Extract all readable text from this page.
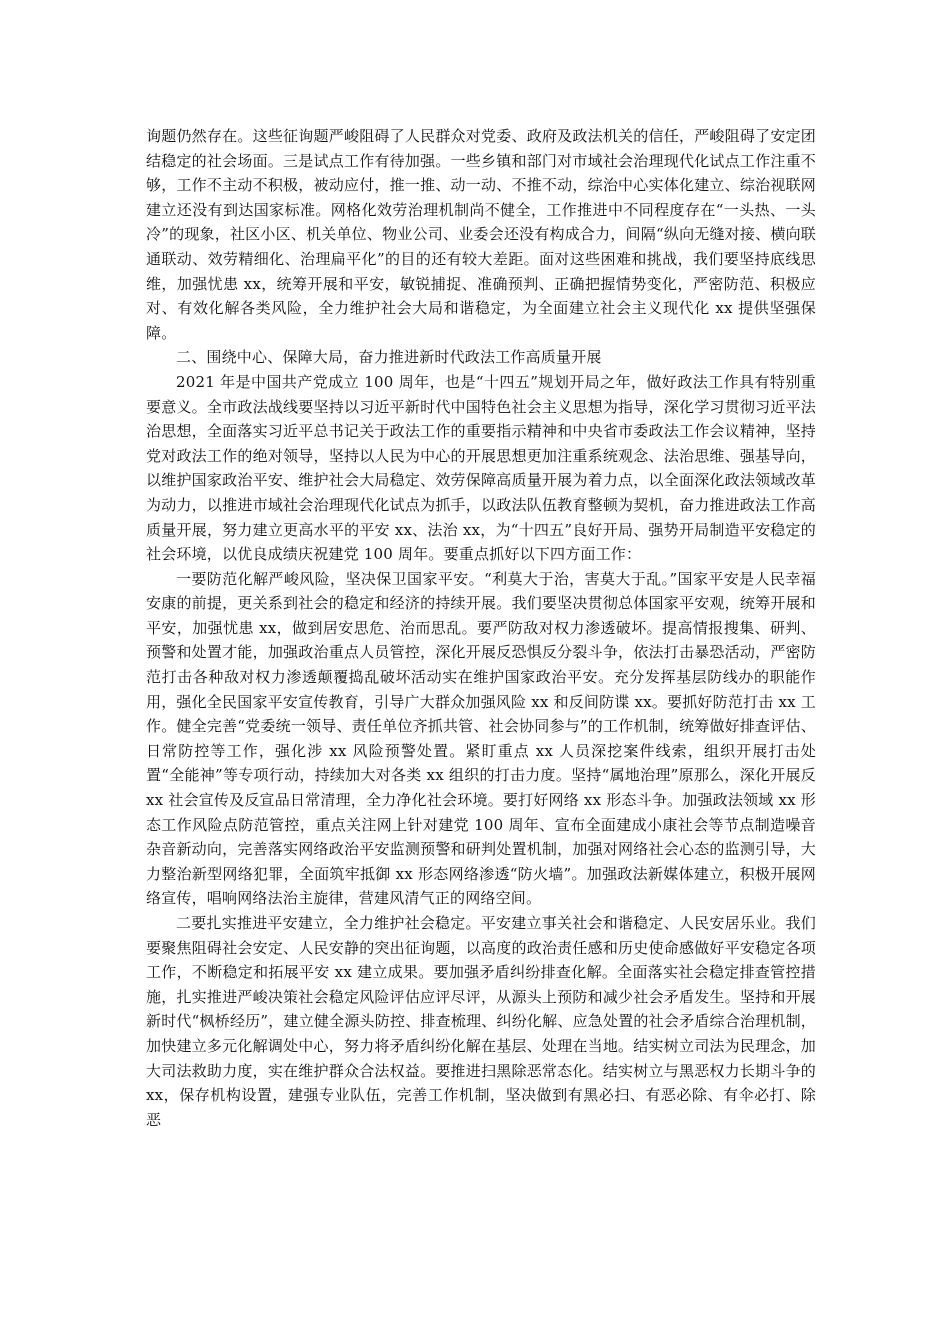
询题仍然存在。这些征询题严峻阻碍了人民群众对党委、政府及政法机关的信任，严峻阻碍了安定团结稳定的社会场面。三是试点工作有待加强。一些乡镇和部门对市域社会治理现代化试点工作注重不够，工作不主动不积极，被动应付，推一推、动一动、不推不动，综治中心实体化建立、综治视联网建立还没有到达国家标准。网格化效劳治理机制尚不健全，工作推进中不同程度存在“一头热、一头冷”的现象，社区小区、机关单位、物业公司、业委会还没有构成合力，间隔“纵向无缝对接、横向联通联动、效劳精细化、治理扁平化”的目的还有较大差距。面对这些困难和挑战，我们要坚持底线思维，加强忧患 xx，统筹开展和平安，敏锐捕捉、准确预判、正确把握情势变化，严密防范、积极应对、有效化解各类风险，全力维护社会大局和谐稳定，为全面建立社会主义现代化 xx 提供坚强保障。

二、围绕中心、保障大局，奋力推进新时代政法工作高质量开展

2021 年是中国共产党成立 100 周年，也是“十四五”规划开局之年，做好政法工作具有特别重要意义。全市政法战线要坚持以习近平新时代中国特色社会主义思想为指导，深化学习贯彻习近平法治思想，全面落实习近平总书记关于政法工作的重要指示精神和中央省市委政法工作会议精神，坚持党对政法工作的绝对领导，坚持以人民为中心的开展思想更加注重系统观念、法治思维、强基导向，以维护国家政治平安、维护社会大局稳定、效劳保障高质量开展为着力点，以全面深化政法领域改革为动力，以推进市域社会治理现代化试点为抓手，以政法队伍教育整顿为契机，奋力推进政法工作高质量开展，努力建立更高水平的平安 xx、法治 xx，为“十四五”良好开局、强势开局制造平安稳定的社会环境，以优良成绩庆祝建党 100 周年。要重点抓好以下四方面工作：

一要防范化解严峻风险，坚决保卫国家平安。“利莫大于治，害莫大于乱。”国家平安是人民幸福安康的前提，更关系到社会的稳定和经济的持续开展。我们要坚决贯彻总体国家平安观，统筹开展和平安，加强忧患 xx，做到居安思危、治而思乱。要严防敌对权力渗透破坏。提高情报搜集、研判、预警和处置才能，加强政治重点人员管控，深化开展反恐惧反分裂斗争，依法打击暴恐活动，严密防范打击各种敌对权力渗透颠覆捣乱破坏活动实在维护国家政治平安。充分发挥基层防线办的职能作用，强化全民国家平安宣传教育，引导广大群众加强风险 xx 和反间防谍 xx。要抓好防范打击 xx 工作。健全完善“党委统一领导、责任单位齐抓共管、社会协同参与”的工作机制，统筹做好排查评估、日常防控等工作，强化涉 xx 风险预警处置。紧盯重点 xx 人员深挖案件线索，组织开展打击处置“全能神”等专项行动，持续加大对各类 xx 组织的打击力度。坚持“属地治理”原那么，深化开展反 xx 社会宣传及反宣品日常清理，全力净化社会环境。要打好网络 xx 形态斗争。加强政法领域 xx 形态工作风险点防范管控，重点关注网上针对建党 100 周年、宣布全面建成小康社会等节点制造噪音杂音新动向，完善落实网络政治平安监测预警和研判处置机制，加强对网络社会心态的监测引导，大力整治新型网络犯罪，全面筑牢抵御 xx 形态网络渗透“防火墙”。加强政法新媒体建立，积极开展网络宣传，唱响网络法治主旋律，营建风清气正的网络空间。

二要扎实推进平安建立，全力维护社会稳定。平安建立事关社会和谐稳定、人民安居乐业。我们要聚焦阻碍社会安定、人民安静的突出征询题，以高度的政治责任感和历史使命感做好平安稳定各项工作，不断稳定和拓展平安 xx 建立成果。要加强矛盾纠纷排查化解。全面落实社会稳定排查管控措施，扎实推进严峻决策社会稳定风险评估应评尽评，从源头上预防和减少社会矛盾发生。坚持和开展新时代“枫桥经历”，建立健全源头防控、排查梳理、纠纷化解、应急处置的社会矛盾综合治理机制，加快建立多元化解调处中心，努力将矛盾纠纷化解在基层、处理在当地。结实树立司法为民理念，加大司法救助力度，实在维护群众合法权益。要推进扫黑除恶常态化。结实树立与黑恶权力长期斗争的 xx，保存机构设置，建强专业队伍，完善工作机制，坚决做到有黑必扫、有恶必除、有伞必打、除恶
